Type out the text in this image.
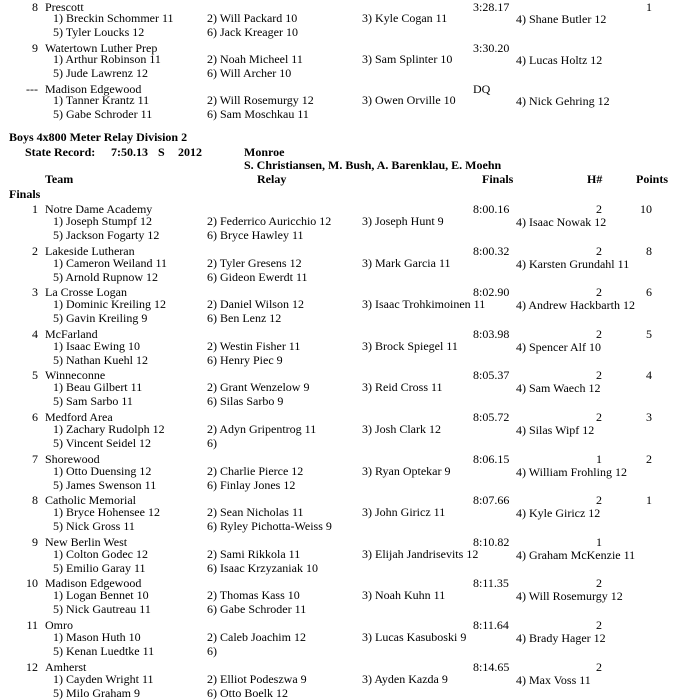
8 Prescott	3:28.17	1
1) Breckin Schommer 11	2) Will Packard 10	3) Kyle Cogan 11	4) Shane Butler 12
5) Tyler Loucks 12	6) Jack Kreager 10
9 Watertown Luther Prep	3:30.20
1) Arthur Robinson 11	2) Noah Micheel 11	3) Sam Splinter 10	4) Lucas Holtz 12
5) Jude Lawrenz 12	6) Will Archer 10
--- Madison Edgewood	DQ
1) Tanner Krantz 11	2) Will Rosemurgy 12	3) Owen Orville 10	4) Nick Gehring 12
5) Gabe Schroder 11	6) Sam Moschkau 11
Boys 4x800 Meter Relay Division 2
State Record: 7:50.13 S 2012	Monroe
S. Christiansen, M. Bush, A. Barenklau, E. Moehn
Team	Relay	Finals	H#	Points
Finals
1 Notre Dame Academy	8:00.16	2	10
1) Joseph Stumpf 12	2) Federrico Auricchio 12	3) Joseph Hunt 9	4) Isaac Nowak 12
5) Jackson Fogarty 12	6) Bryce Hawley 11
2 Lakeside Lutheran	8:00.32	2	8
1) Cameron Weiland 11	2) Tyler Gresens 12	3) Mark Garcia 11	4) Karsten Grundahl 11
5) Arnold Rupnow 12	6) Gideon Ewerdt 11
3 La Crosse Logan	8:02.90	2	6
1) Dominic Kreiling 12	2) Daniel Wilson 12	3) Isaac Trohkimoinen 11	4) Andrew Hackbarth 12
5) Gavin Kreiling 9	6) Ben Lenz 12
4 McFarland	8:03.98	2	5
1) Isaac Ewing 10	2) Westin Fisher 11	3) Brock Spiegel 11	4) Spencer Alf 10
5) Nathan Kuehl 12	6) Henry Piec 9
5 Winneconne	8:05.37	2	4
1) Beau Gilbert 11	2) Grant Wenzelow 9	3) Reid Cross 11	4) Sam Waech 12
5) Sam Sarbo 11	6) Silas Sarbo 9
6 Medford Area	8:05.72	2	3
1) Zachary Rudolph 12	2) Adyn Gripentrog 11	3) Josh Clark 12	4) Silas Wipf 12
5) Vincent Seidel 12	6)
7 Shorewood	8:06.15	1	2
1) Otto Duensing 12	2) Charlie Pierce 12	3) Ryan Optekar 9	4) William Frohling 12
5) James Swenson 11	6) Finlay Jones 12
8 Catholic Memorial	8:07.66	2	1
1) Bryce Hohensee 12	2) Sean Nicholas 11	3) John Giricz 11	4) Kyle Giricz 12
5) Nick Gross 11	6) Ryley Pichotta-Weiss 9
9 New Berlin West	8:10.82	1
1) Colton Godec 12	2) Sami Rikkola 11	3) Elijah Jandrisevits 12	4) Graham McKenzie 11
5) Emilio Garay 11	6) Isaac Krzyzaniak 10
10 Madison Edgewood	8:11.35	2
1) Logan Bennet 10	2) Thomas Kass 10	3) Noah Kuhn 11	4) Will Rosemurgy 12
5) Nick Gautreau 11	6) Gabe Schroder 11
11 Omro	8:11.64	2
1) Mason Huth 10	2) Caleb Joachim 12	3) Lucas Kasuboski 9	4) Brady Hager 12
5) Kenan Luedtke 11	6)
12 Amherst	8:14.65	2
1) Cayden Wright 11	2) Elliot Podeszwa 9	3) Ayden Kazda 9	4) Max Voss 11
5) Milo Graham 9	6) Otto Boelk 12
